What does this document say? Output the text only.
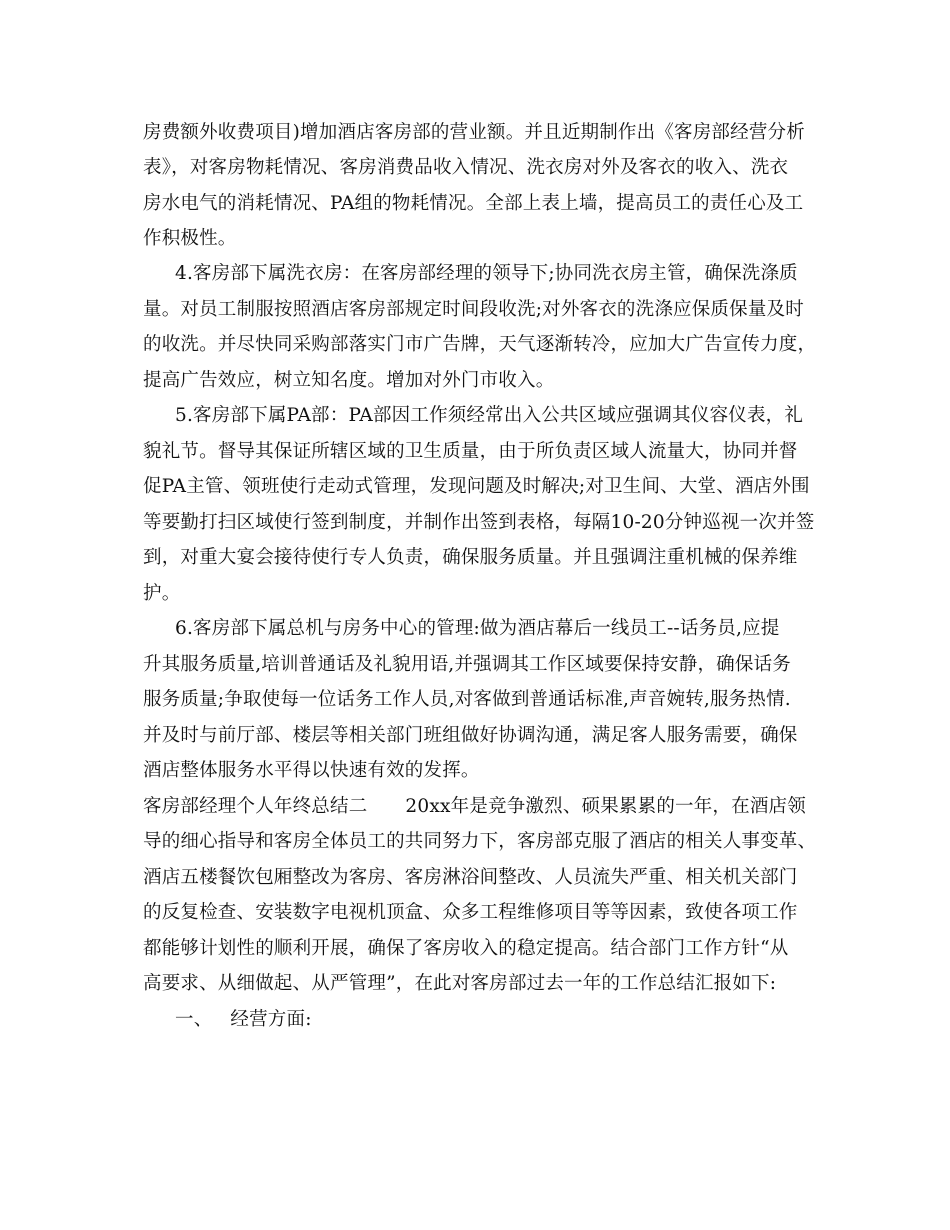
房费额外收费项目)增加酒店客房部的营业额。并且近期制作出《客房部经营分析
表》，对客房物耗情况、客房消费品收入情况、洗衣房对外及客衣的收入、洗衣
房水电气的消耗情况、PA组的物耗情况。全部上表上墙，提高员工的责任心及工
作积极性。
4.客房部下属洗衣房：在客房部经理的领导下;协同洗衣房主管，确保洗涤质
量。对员工制服按照酒店客房部规定时间段收洗;对外客衣的洗涤应保质保量及时
的收洗。并尽快同采购部落实门市广告牌，天气逐渐转冷，应加大广告宣传力度，
提高广告效应，树立知名度。增加对外门市收入。
5.客房部下属PA部：PA部因工作须经常出入公共区域应强调其仪容仪表，礼
貌礼节。督导其保证所辖区域的卫生质量，由于所负责区域人流量大，协同并督
促PA主管、领班使行走动式管理，发现问题及时解决;对卫生间、大堂、酒店外围
等要勤打扫区域使行签到制度，并制作出签到表格，每隔10-20分钟巡视一次并签
到，对重大宴会接待使行专人负责，确保服务质量。并且强调注重机械的保养维
护。
6.客房部下属总机与房务中心的管理:做为酒店幕后一线员工--话务员,应提
升其服务质量,培训普通话及礼貌用语,并强调其工作区域要保持安静，确保话务
服务质量;争取使每一位话务工作人员,对客做到普通话标准,声音婉转,服务热情.
并及时与前厅部、楼层等相关部门班组做好协调沟通，满足客人服务需要，确保
酒店整体服务水平得以快速有效的发挥。
客房部经理个人年终总结二 20xx年是竞争激烈、硕果累累的一年，在酒店领
导的细心指导和客房全体员工的共同努力下，客房部克服了酒店的相关人事变革、
酒店五楼餐饮包厢整改为客房、客房淋浴间整改、人员流失严重、相关机关部门
的反复检查、安装数字电视机顶盒、众多工程维修项目等等因素，致使各项工作
都能够计划性的顺利开展，确保了客房收入的稳定提高。结合部门工作方针“从
高要求、从细做起、从严管理”，在此对客房部过去一年的工作总结汇报如下:
一、 经营方面:
